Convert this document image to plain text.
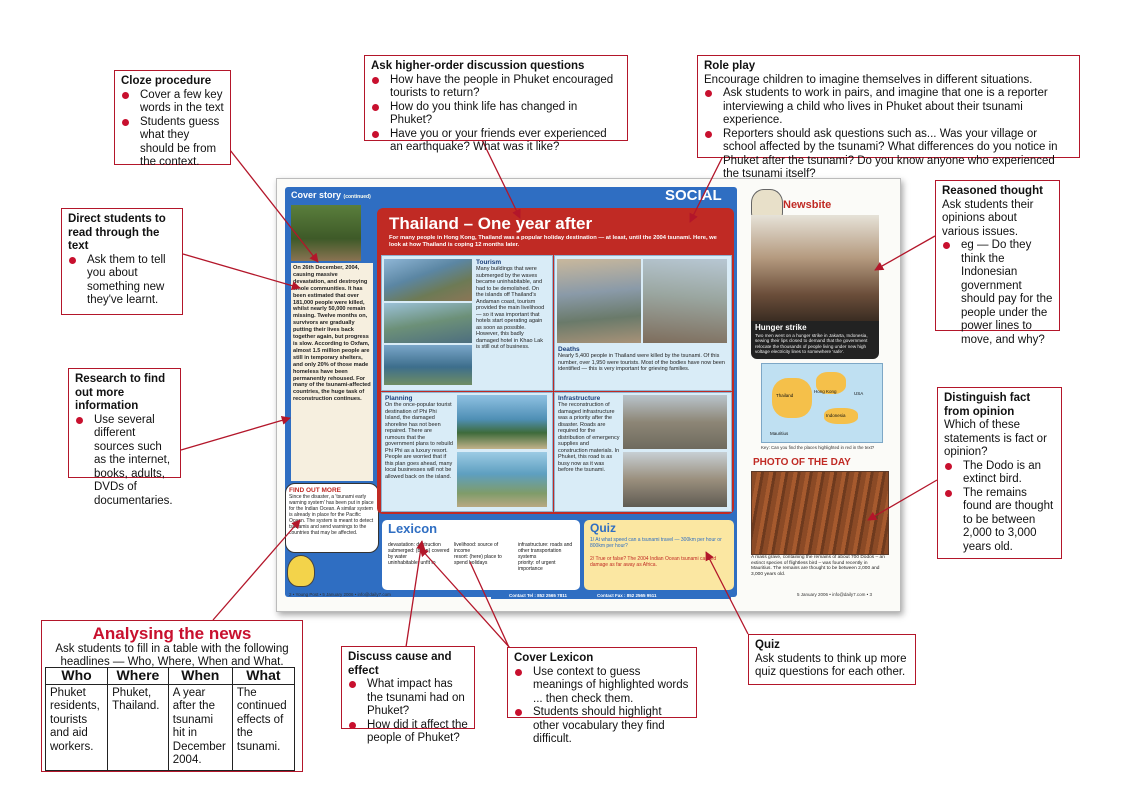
Cover story (continued)	SOCIAL
On 26th December, 2004, causing massive devastation, and destroying whole communities. It has been estimated that over 181,000 people were killed, whilst nearly 50,000 remain missing. Twelve months on, survivors are gradually putting their lives back together again, but progress is slow. According to Oxfam, almost 1.5 million people are still in temporary shelters, and only 20% of those made homeless have been permanently rehoused. For many of the tsunami-affected countries, the huge task of reconstruction continues.
FIND OUT MORE
Since the disaster, a 'tsunami early warning system' has been put in place for the Indian Ocean. A similar system is already in place for the Pacific Ocean. The system is meant to detect tsunamis and send warnings to the countries that may be affected.
Thailand – One year after
For many people in Hong Kong, Thailand was a popular holiday destination — at least, until the 2004 tsunami. Here, we look at how Thailand is coping 12 months later.
Tourism
Many buildings that were submerged by the waves became uninhabitable, and had to be demolished. On the islands off Thailand's Andaman coast, tourism provided the main livelihood — so it was important that hotels start operating again as soon as possible. However, this badly damaged hotel in Khao Lak is still out of business.	Deaths
Nearly 5,400 people in Thailand were killed by the tsunami. Of this number, over 1,950 were tourists. Most of the bodies have now been identified — this is very important for grieving families.
Planning
On the once-popular tourist destination of Phi Phi Island, the damaged shoreline has not been repaired. There are rumours that the government plans to rebuild Phi Phi as a luxury resort. People are worried that if this plan goes ahead, many local businesses will not be allowed back on the island.
Infrastructure
The reconstruction of damaged infrastructure was a priority after the disaster. Roads are required for the distribution of emergency supplies and construction materials. In Phuket, this road is as busy now as it was before the tsunami.
Lexicon
devastation: destruction
submerged: (been) covered by water
uninhabitable: unfit to
livelihood: source of income
resort: (here) place to spend holidays
infrastructure: roads and other transportation systems
priority: of urgent importance
Quiz
1/ At what speed can a tsunami travel — 300km per hour or 800km per hour?
2/ True or false? The 2004 Indian Ocean tsunami caused damage as far away as Africa.
2 • Young Post • 5 January 2006 • info@daily7.com	Contact Tel : 852 2565 7811	Contact Fax : 852 2565 9511
Newsbite
Hunger strike
Two men went on a hunger strike in Jakarta, Indonesia, sewing their lips closed to demand that the government relocate the thousands of people living under new high voltage electricity lines to somewhere 'safe'.
Thailand
Hong Kong	USA
Indonesia
Mauritius
Key: Can you find the places highlighted in red in the text?
PHOTO OF THE DAY
A mass grave, containing the remains of about 700 Dodos – an extinct species of flightless bird – was found recently in Mauritius. The remains are thought to be between 2,000 and 3,000 years old.
5 January 2006 • info@daily7.com • 3
Cloze procedure
Cover a few key words in the text
Students guess what they should be from the context.
Ask higher-order discussion questions
How have the people in Phuket encouraged tourists to return?
How do you think life has changed in Phuket?
Have you or your friends ever experienced an earthquake? What was it like?
Role play
Encourage children to imagine themselves in different situations.
Ask students to work in pairs, and imagine that one is a reporter interviewing a child who lives in Phuket about their tsunami experience.
Reporters should ask questions such as... Was your village or school affected by the tsunami? What differences do you notice in Phuket after the tsunami? Do you know anyone who experienced the tsunami itself?
Direct students to read through the text
Ask them to tell you about something new they've learnt.
Reasoned thought
Ask students their opinions about various issues.
eg — Do they think the Indonesian government should pay for the people under the power lines to move, and why?
Research to find out more information
Use several different sources such as the internet, books, adults, DVDs of documentaries.
Distinguish fact from opinion
Which of these statements is fact or opinion?
The Dodo is an extinct bird.
The remains found are thought to be between 2,000 to 3,000 years old.
Discuss cause and effect
What impact has the tsunami had on Phuket?
How did it affect the people of Phuket?
Cover Lexicon
Use context to guess meanings of highlighted words ... then check them.
Students should highlight other vocabulary they find difficult.
Quiz
Ask students to think up more quiz questions for each other.
Analysing the news
Ask students to fill in a table with the following headlines — Who, Where, When and What.
Who	Where	When	What
Phuket residents, tourists and aid workers.	Phuket, Thailand.	A year after the tsunami hit in December 2004.	The continued effects of the tsunami.
